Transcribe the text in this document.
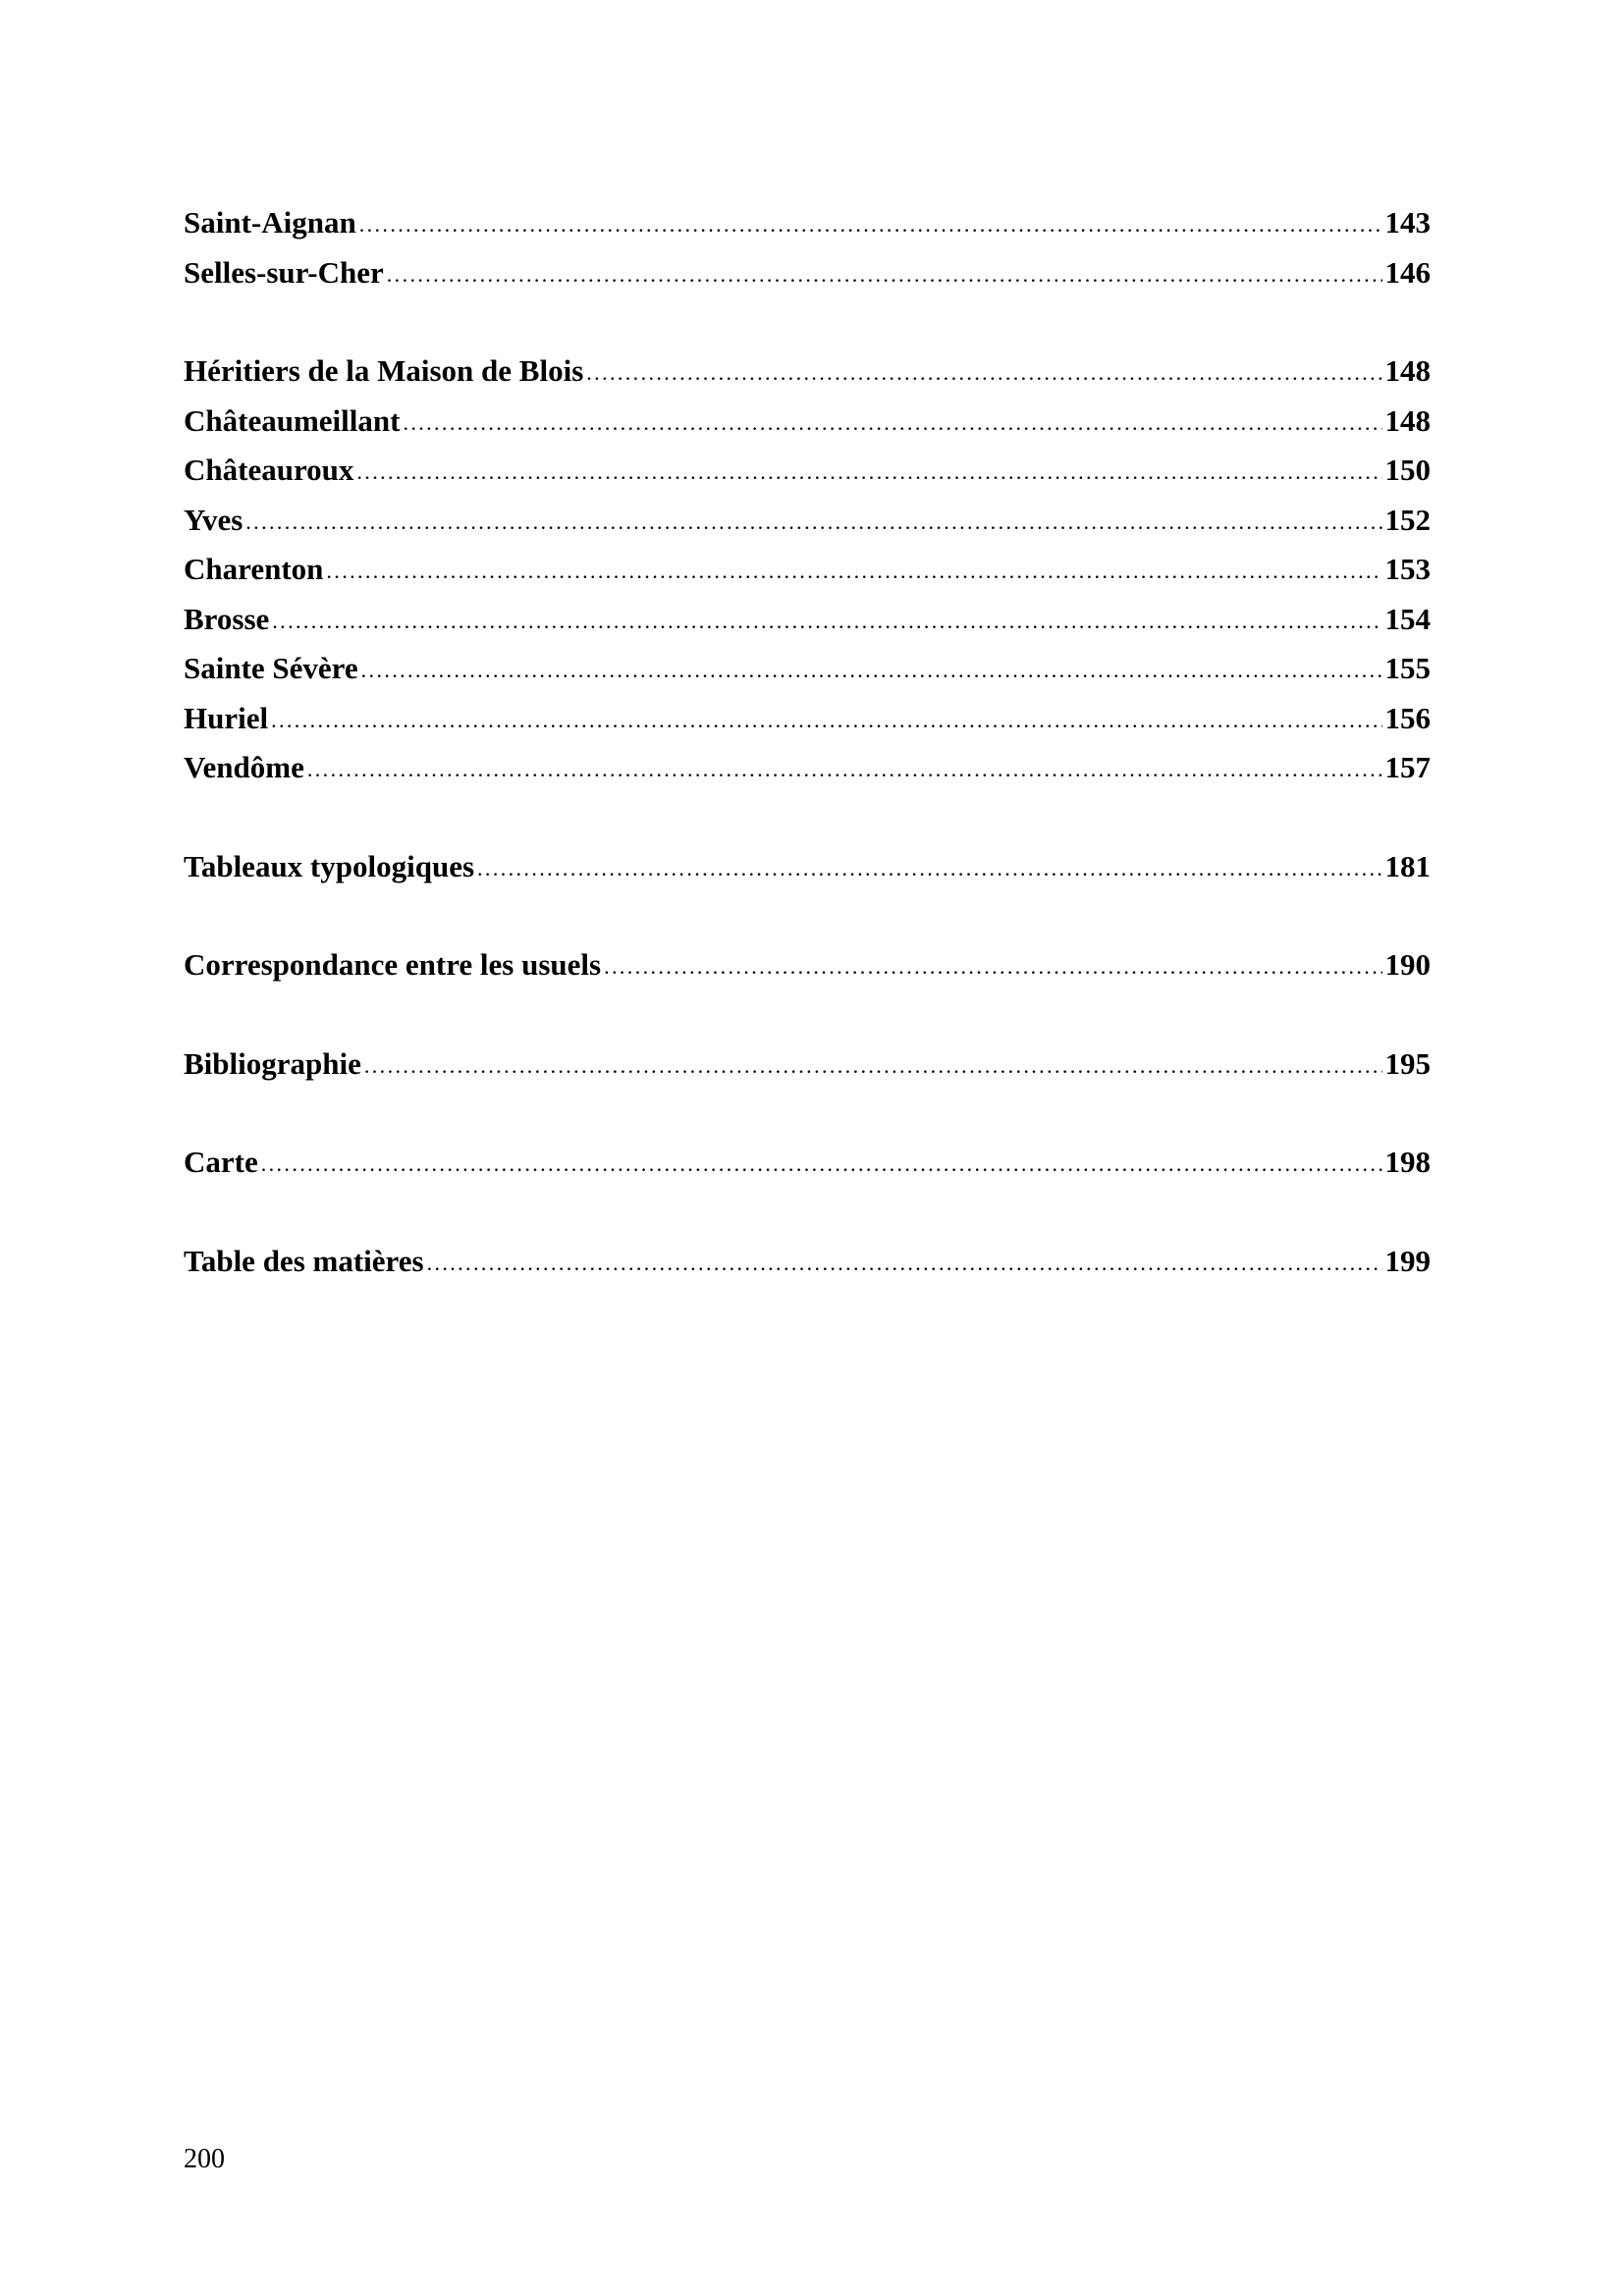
Saint-Aignan .....	143
Selles-sur-Cher .....	146
Héritiers de la Maison de Blois .....	148
Châteaumeillant .....	148
Châteauroux .....	150
Yves .....	152
Charenton .....	153
Brosse .....	154
Sainte Sévère .....	155
Huriel .....	156
Vendôme .....	157
Tableaux typologiques .....	181
Correspondance entre les usuels .....	190
Bibliographie .....	195
Carte .....	198
Table des matières .....	199
200
